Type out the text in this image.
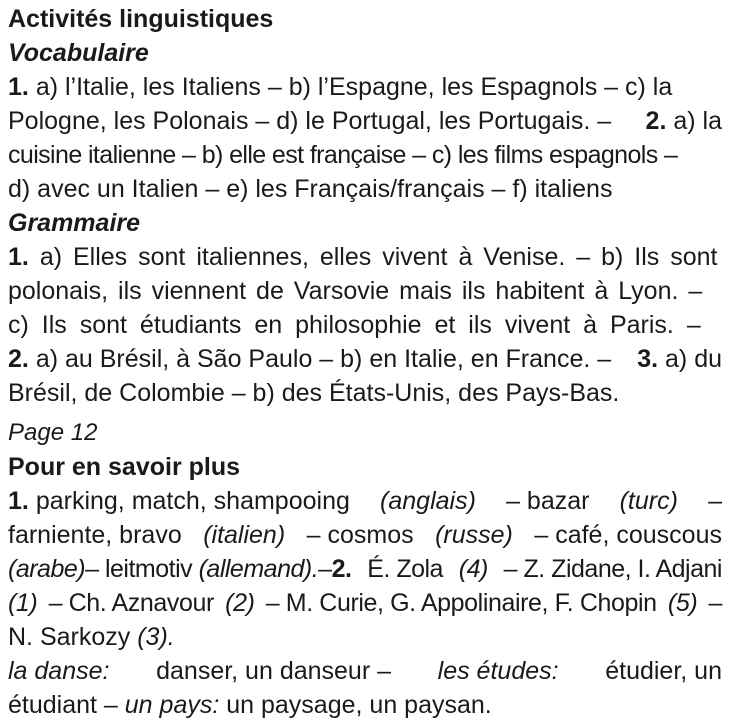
Activités linguistiques
Vocabulaire
1. a) l’Italie, les Italiens – b) l’Espagne, les Espagnols – c) la
Pologne, les Polonais – d) le Portugal, les Portugais. – 2. a) la
cuisine italienne – b) elle est française – c) les films espagnols –
d) avec un Italien – e) les Français/français – f) italiens
Grammaire
1. a) Elles sont italiennes, elles vivent à Venise. – b) Ils sont
polonais, ils viennent de Varsovie mais ils habitent à Lyon. –
c) Ils sont étudiants en philosophie et ils vivent à Paris. –
2. a) au Brésil, à São Paulo – b) en Italie, en France. – 3. a) du
Brésil, de Colombie – b) des États-Unis, des Pays-Bas.
Page 12
Pour en savoir plus
1. parking, match, shampooing (anglais) – bazar (turc) –
farniente, bravo (italien) – cosmos (russe) – café, couscous
(arabe)– leitmotiv (allemand).–2. É. Zola (4) – Z. Zidane, I. Adjani
(1) – Ch. Aznavour (2) – M. Curie, G. Appolinaire, F. Chopin (5) –
N. Sarkozy (3).
la danse: danser, un danseur – les études: étudier, un
étudiant – un pays: un paysage, un paysan.
